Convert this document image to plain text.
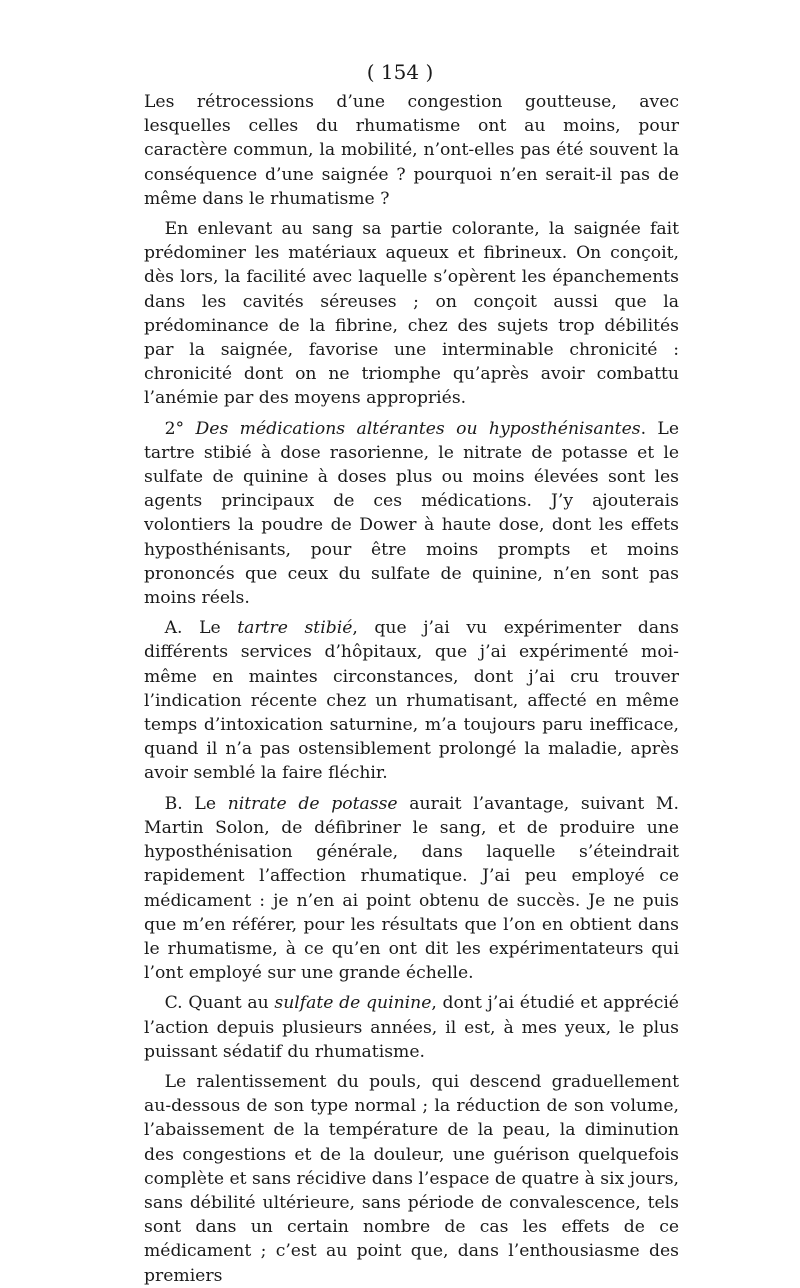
( 154 )

Les rétrocessions d’une congestion goutteuse, avec lesquelles celles du rhumatisme ont au moins, pour caractère commun, la mobilité, n’ont-elles pas été souvent la conséquence d’une saignée ? pourquoi n’en serait-il pas de même dans le rhumatisme ?

En enlevant au sang sa partie colorante, la saignée fait prédominer les matériaux aqueux et fibrineux. On conçoit, dès lors, la facilité avec laquelle s’opèrent les épanchements dans les cavités séreuses ; on conçoit aussi que la prédominance de la fibrine, chez des sujets trop débilités par la saignée, favorise une interminable chronicité : chronicité dont on ne triomphe qu’après avoir combattu l’anémie par des moyens appropriés.

2° Des médications altérantes ou hyposthénisantes. Le tartre stibié à dose rasorienne, le nitrate de potasse et le sulfate de quinine à doses plus ou moins élevées sont les agents principaux de ces médications. J’y ajouterais volontiers la poudre de Dower à haute dose, dont les effets hyposthénisants, pour être moins prompts et moins prononcés que ceux du sulfate de quinine, n’en sont pas moins réels.

A. Le tartre stibié, que j’ai vu expérimenter dans différents services d’hôpitaux, que j’ai expérimenté moi-même en maintes circonstances, dont j’ai cru trouver l’indication récente chez un rhumatisant, affecté en même temps d’intoxication saturnine, m’a toujours paru inefficace, quand il n’a pas ostensiblement prolongé la maladie, après avoir semblé la faire fléchir.

B. Le nitrate de potasse aurait l’avantage, suivant M. Martin Solon, de défibriner le sang, et de produire une hyposthénisation générale, dans laquelle s’éteindrait rapidement l’affection rhumatique. J’ai peu employé ce médicament : je n’en ai point obtenu de succès. Je ne puis que m’en référer, pour les résultats que l’on en obtient dans le rhumatisme, à ce qu’en ont dit les expérimentateurs qui l’ont employé sur une grande échelle.

C. Quant au sulfate de quinine, dont j’ai étudié et apprécié l’action depuis plusieurs années, il est, à mes yeux, le plus puissant sédatif du rhumatisme.

Le ralentissement du pouls, qui descend graduellement au-dessous de son type normal ; la réduction de son volume, l’abaissement de la température de la peau, la diminution des congestions et de la douleur, une guérison quelquefois complète et sans récidive dans l’espace de quatre à six jours, sans débilité ultérieure, sans période de convalescence, tels sont dans un certain nombre de cas les effets de ce médicament ; c’est au point que, dans l’enthousiasme des premiers
